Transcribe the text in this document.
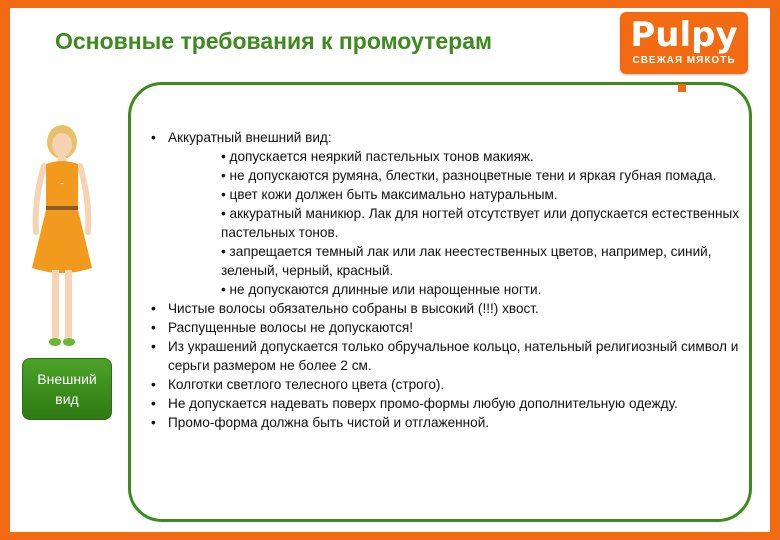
Основные требования к промоутерам	Pulpy
СВЕЖАЯ МЯКОТЬ
~
Внешний вид
• Аккуратный внешний вид:
• допускается неяркий пастельных тонов макияж.
• не допускаются румяна, блестки, разноцветные тени и яркая губная помада.
• цвет кожи должен быть максимально натуральным.
• аккуратный маникюр. Лак для ногтей отсутствует или допускается естественных пастельных тонов.
• запрещается темный лак или лак неестественных цветов, например, синий, зеленый, черный, красный.
• не допускаются длинные или нарощенные ногти.
• Чистые волосы обязательно собраны в высокий (!!!) хвост.
• Распущенные волосы не допускаются!
• Из украшений допускается только обручальное кольцо, нательный религиозный символ и серьги размером не более 2 см.
• Колготки светлого телесного цвета (строго).
• Не допускается надевать поверх промо-формы любую дополнительную одежду.
• Промо-форма должна быть чистой и отглаженной.
